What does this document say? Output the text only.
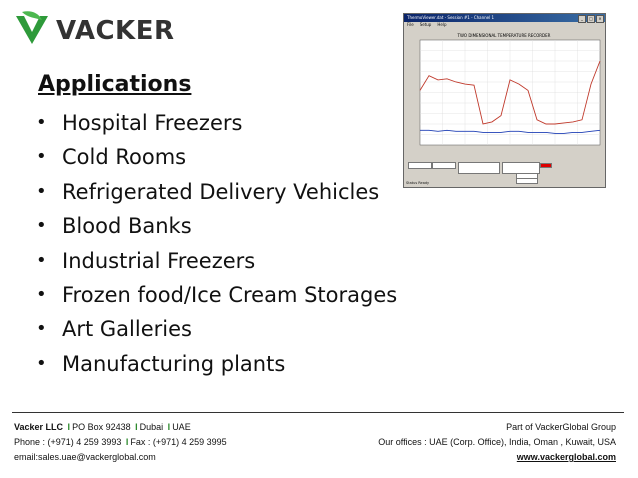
VACKER
Applications
• Hospital Freezers
• Cold Rooms
• Refrigerated Delivery Vehicles
• Blood Banks
• Industrial Freezers
• Frozen food/Ice Cream Storages
• Art Galleries
• Manufacturing plants
ThermoViewer.dat - Session #1 - Channel 1	_	□	×
File Setup Help
TWO DIMENSIONAL TEMPERATURE RECORDER
Status Ready
Vacker LLC I PO Box 92438 I Dubai I UAE
Phone : (+971) 4 259 3993 I Fax : (+971) 4 259 3995
email:sales.uae@vackerglobal.com
Part of VackerGlobal Group
Our offices : UAE (Corp. Office), India, Oman , Kuwait, USA
www.vackerglobal.com
